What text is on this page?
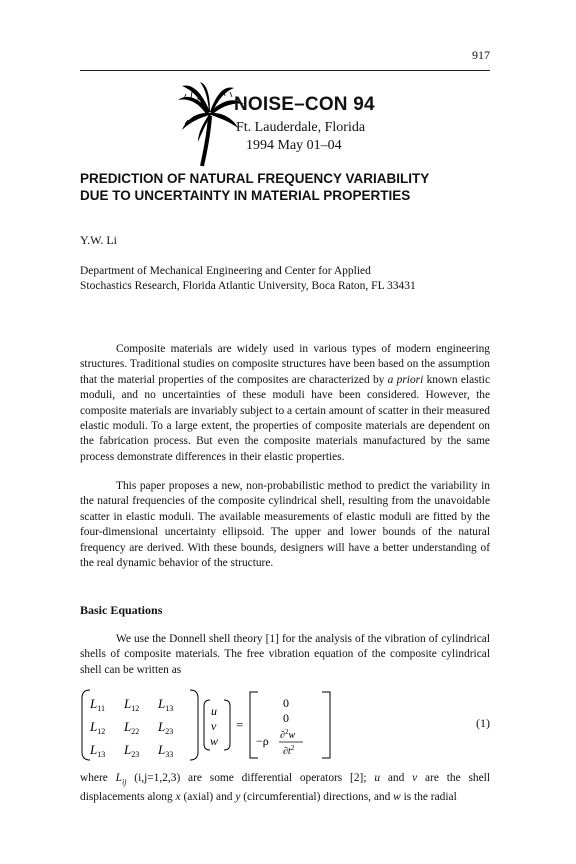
917
NOISE–CON 94
Ft. Lauderdale, Florida
1994 May 01–04
PREDICTION OF NATURAL FREQUENCY VARIABILITY
DUE TO UNCERTAINTY IN MATERIAL PROPERTIES
Y.W. Li
Department of Mechanical Engineering and Center for Applied
Stochastics Research, Florida Atlantic University, Boca Raton, FL 33431

Composite materials are widely used in various types of modern engineering structures. Traditional studies on composite structures have been based on the assumption that the material properties of the composites are characterized by a priori known elastic moduli, and no uncertainties of these moduli have been considered. However, the composite materials are invariably subject to a certain amount of scatter in their measured elastic moduli. To a large extent, the properties of composite materials are dependent on the fabrication process. But even the composite materials manufactured by the same process demonstrate differences in their elastic properties.

This paper proposes a new, non-probabilistic method to predict the variability in the natural frequencies of the composite cylindrical shell, resulting from the unavoidable scatter in elastic moduli. The available measurements of elastic moduli are fitted by the four-dimensional uncertainty ellipsoid. The upper and lower bounds of the natural frequency are derived. With these bounds, designers will have a better understanding of the real dynamic behavior of the structure.

Basic Equations

We use the Donnell shell theory [1] for the analysis of the vibration of cylindrical shells of composite materials. The free vibration equation of the composite cylindrical shell can be written as

$L_{11}$ $L_{12}$ $L_{13}$
$L_{12}$ $L_{22}$ $L_{23}$
$L_{13}$ $L_{23}$ $L_{33}$
u
v
w
=
0
0
−ρ ∂$^2$w
$\partial t^2$
(1)

where $L_{ij}$ (i,j=1,2,3) are some differential operators [2]; u and v are the shell displacements along x (axial) and y (circumferential) directions, and w is the radial
